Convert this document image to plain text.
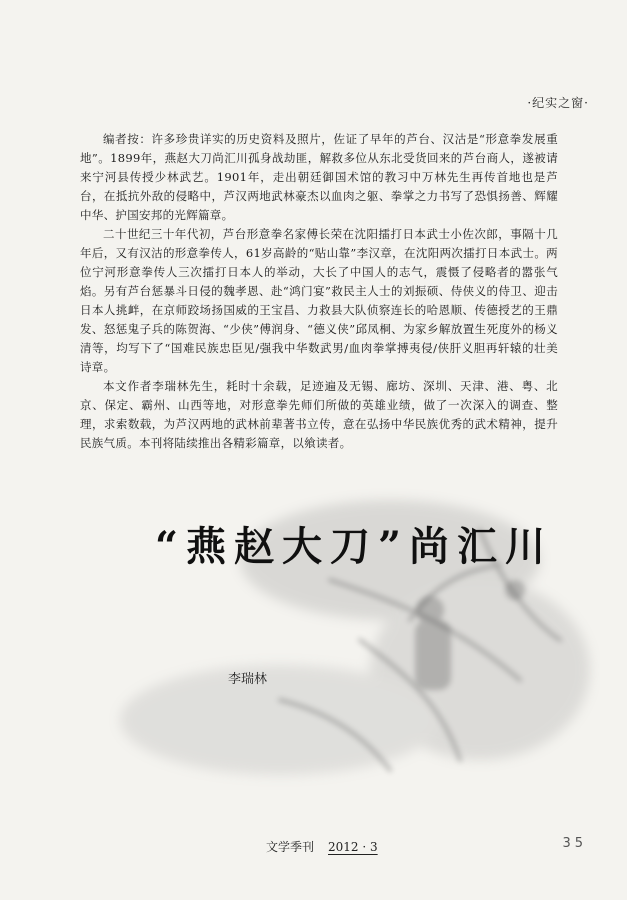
·纪实之窗·

编者按：许多珍贵详实的历史资料及照片，佐证了早年的芦台、汉沽是“形意拳发展重地”。1899年，燕赵大刀尚汇川孤身战劫匪，解救多位从东北受货回来的芦台商人，遂被请来宁河县传授少林武艺。1901年，走出朝廷御国术馆的教习中万林先生再传首地也是芦台，在抵抗外敌的侵略中，芦汉两地武林豪杰以血肉之躯、拳掌之力书写了恐惧扬善、辉耀中华、护国安邦的光辉篇章。

二十世纪三十年代初，芦台形意拳名家傅长荣在沈阳擂打日本武士小佐次郎，事隔十几年后，又有汉沽的形意拳传人，61岁高龄的“贴山靠”李汉章，在沈阳两次擂打日本武士。两位宁河形意拳传人三次擂打日本人的举动，大长了中国人的志气，震慑了侵略者的嚣张气焰。另有芦台惩暴斗日侵的魏孝恩、赴“鸿门宴”救民主人士的刘振硕、侍侠义的侍卫、迎击日本人挑衅，在京师跤场扬国威的王宝昌、力救县大队侦察连长的哈恩顺、传德授艺的王鼎发、怒惩鬼子兵的陈贺海、“少侠”傅润身、“德义侠”邱凤桐、为家乡解放置生死度外的杨义清等，均写下了“国难民族忠臣见/强我中华数武男/血肉拳掌搏夷侵/侠肝义胆再轩辕的壮美诗章。

本文作者李瑞林先生，耗时十余载，足迹遍及无锡、廊坊、深圳、天津、港、粤、北京、保定、霸州、山西等地，对形意拳先师们所做的英雄业绩，做了一次深入的调查、整理，求索数载，为芦汉两地的武林前辈著书立传，意在弘扬中华民族优秀的武术精神，提升民族气质。本刊将陆续推出各精彩篇章，以飨读者。

“燕赵大刀”尚汇川
李瑞林
文学季刊 2012 · 3	35
